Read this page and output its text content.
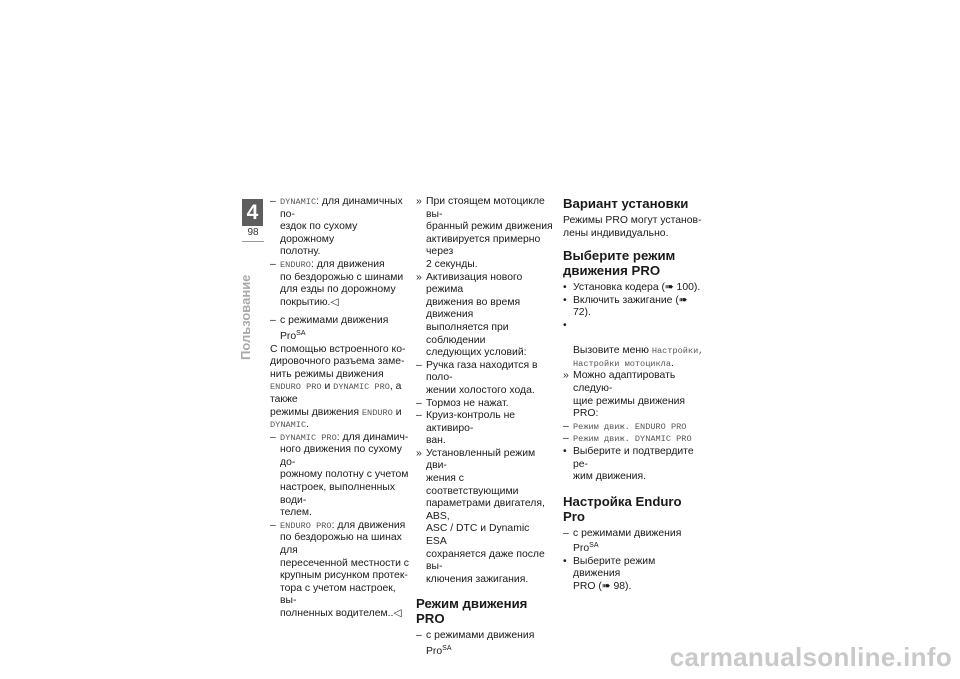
4
98
Пользование
– DYNAMIC: для динамичных по-
ездок по сухому дорожному
полотну.
– ENDURO: для движения
по бездорожью с шинами
для езды по дорожному
покрытию.◁
– с режимами движения Pro$^{SA}$

С помощью встроенного ко-
дировочного разъема заме-
нить режимы движения ENDURO PRO и DYNAMIC PRO, а также
режимы движения ENDURO и
DYNAMIC.

– DYNAMIC PRO: для динамич-
ного движения по сухому до-
рожному полотну с учетом
настроек, выполненных води-
телем.
– ENDURO PRO: для движения
по бездорожью на шинах для
пересеченной местности с
крупным рисунком протек-
тора с учетом настроек, вы-
полненных водителем..◁
» При стоящем мотоцикле вы-
бранный режим движения
активируется примерно через
2 секунды.
» Активизация нового режима
движения во время движения
выполняется при соблюдении
следующих условий:
– Ручка газа находится в поло-
жении холостого хода.
– Тормоз не нажат.
– Круиз-контроль не активиро-
ван.
» Установленный режим дви-
жения с соответствующими
параметрами двигателя, ABS,
ASC / DTC и Dynamic ESA
сохраняется даже после вы-
ключения зажигания.
Режим движения PRO
– с режимами движения Pro$^{SA}$
Вариант установки

Режимы PRO могут установ-
лены индивидуально.

Выберите режим
движения PRO
• Установка кодера (➠ 100).
• Включить зажигание (➠ 72).

•

Вызовите меню Настройки,
Настройки мотоцикла.

» Можно адаптировать следую-
щие режимы движения PRO:
– Режим движ. ENDURO PRO
– Режим движ. DYNAMIC PRO
• Выберите и подтвердите ре-
жим движения.
Настройка Enduro Pro
– с режимами движения Pro$^{SA}$
• Выберите режим движения
PRO (➠ 98).
carmanualsonline.info
